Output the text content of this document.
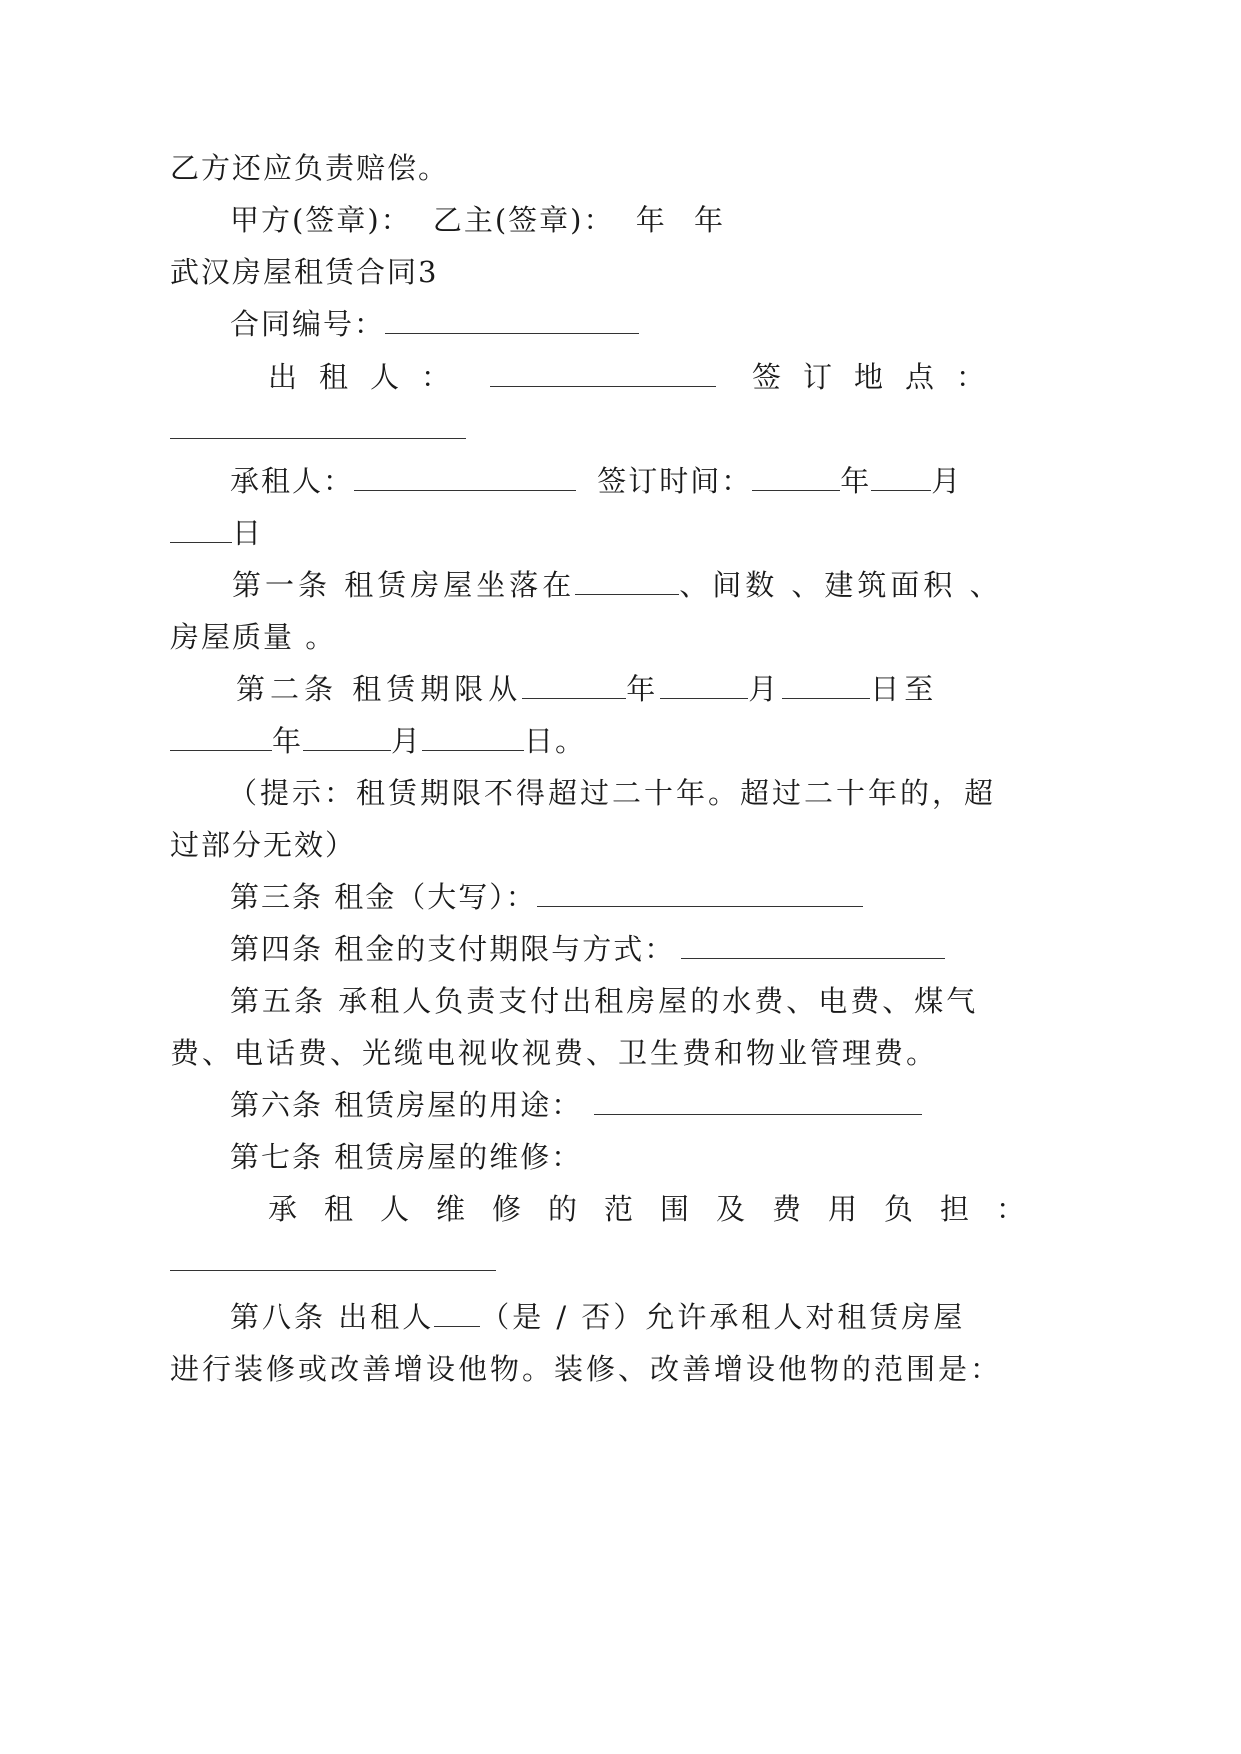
乙方还应负责赔偿。
甲方(签章)： 乙主(签章)： 年 年
武汉房屋租赁合同3
合同编号：
出租人：	签订地点：
承租人：	签订时间：	年 月
日
第一条 租赁房屋坐落在	、间数 、建筑面积 、
房屋质量 。
第二条 租赁期限从	年	月	日至
年	月	日。
（提示：租赁期限不得超过二十年。超过二十年的，超
过部分无效）
第三条 租金（大写）：
第四条 租金的支付期限与方式：
第五条 承租人负责支付出租房屋的水费、电费、煤气
费、电话费、光缆电视收视费、卫生费和物业管理费。
第六条 租赁房屋的用途：
第七条 租赁房屋的维修：
承租人维修的范围及费用负担：
第八条 出租人 （是 / 否）允许承租人对租赁房屋
进行装修或改善增设他物。装修、改善增设他物的范围是：
